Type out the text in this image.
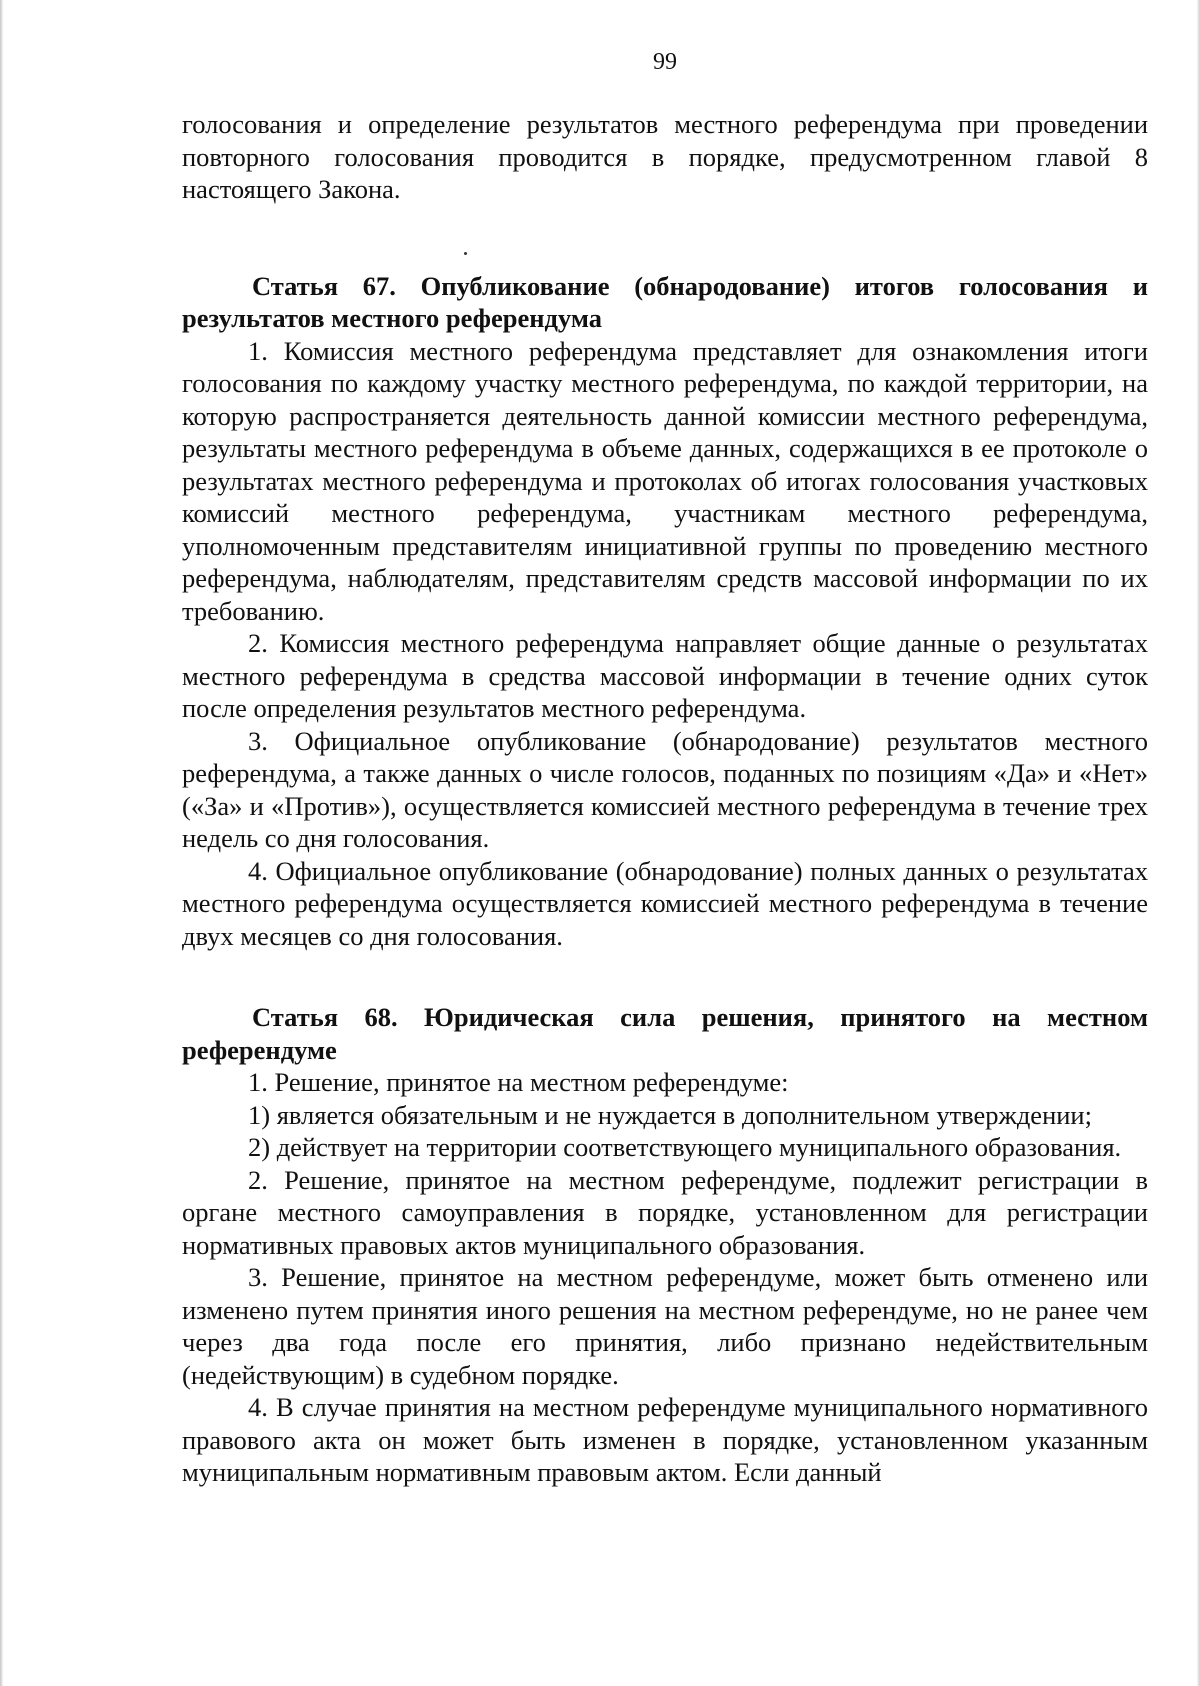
99

голосования и определение результатов местного референдума при проведении повторного голосования проводится в порядке, предусмотренном главой 8 настоящего Закона.

Статья 67. Опубликование (обнародование) итогов голосования и результатов местного референдума

1. Комиссия местного референдума представляет для ознакомления итоги голосования по каждому участку местного референдума, по каждой территории, на которую распространяется деятельность данной комиссии местного референдума, результаты местного референдума в объеме данных, содержащихся в ее протоколе о результатах местного референдума и протоколах об итогах голосования участковых комиссий местного референдума, участникам местного референдума, уполномоченным представителям инициативной группы по проведению местного референдума, наблюдателям, представителям средств массовой информации по их требованию.

2. Комиссия местного референдума направляет общие данные о результатах местного референдума в средства массовой информации в течение одних суток после определения результатов местного референдума.

3. Официальное опубликование (обнародование) результатов местного референдума, а также данных о числе голосов, поданных по позициям «Да» и «Нет» («За» и «Против»), осуществляется комиссией местного референдума в течение трех недель со дня голосования.

4. Официальное опубликование (обнародование) полных данных о результатах местного референдума осуществляется комиссией местного референдума в течение двух месяцев со дня голосования.

Статья 68. Юридическая сила решения, принятого на местном референдуме

1. Решение, принятое на местном референдуме:

1) является обязательным и не нуждается в дополнительном утверждении;

2) действует на территории соответствующего муниципального образования.

2. Решение, принятое на местном референдуме, подлежит регистрации в органе местного самоуправления в порядке, установленном для регистрации нормативных правовых актов муниципального образования.

3. Решение, принятое на местном референдуме, может быть отменено или изменено путем принятия иного решения на местном референдуме, но не ранее чем через два года после его принятия, либо признано недействительным (недействующим) в судебном порядке.

4. В случае принятия на местном референдуме муниципального нормативного правового акта он может быть изменен в порядке, установленном указанным муниципальным нормативным правовым актом. Если данный
